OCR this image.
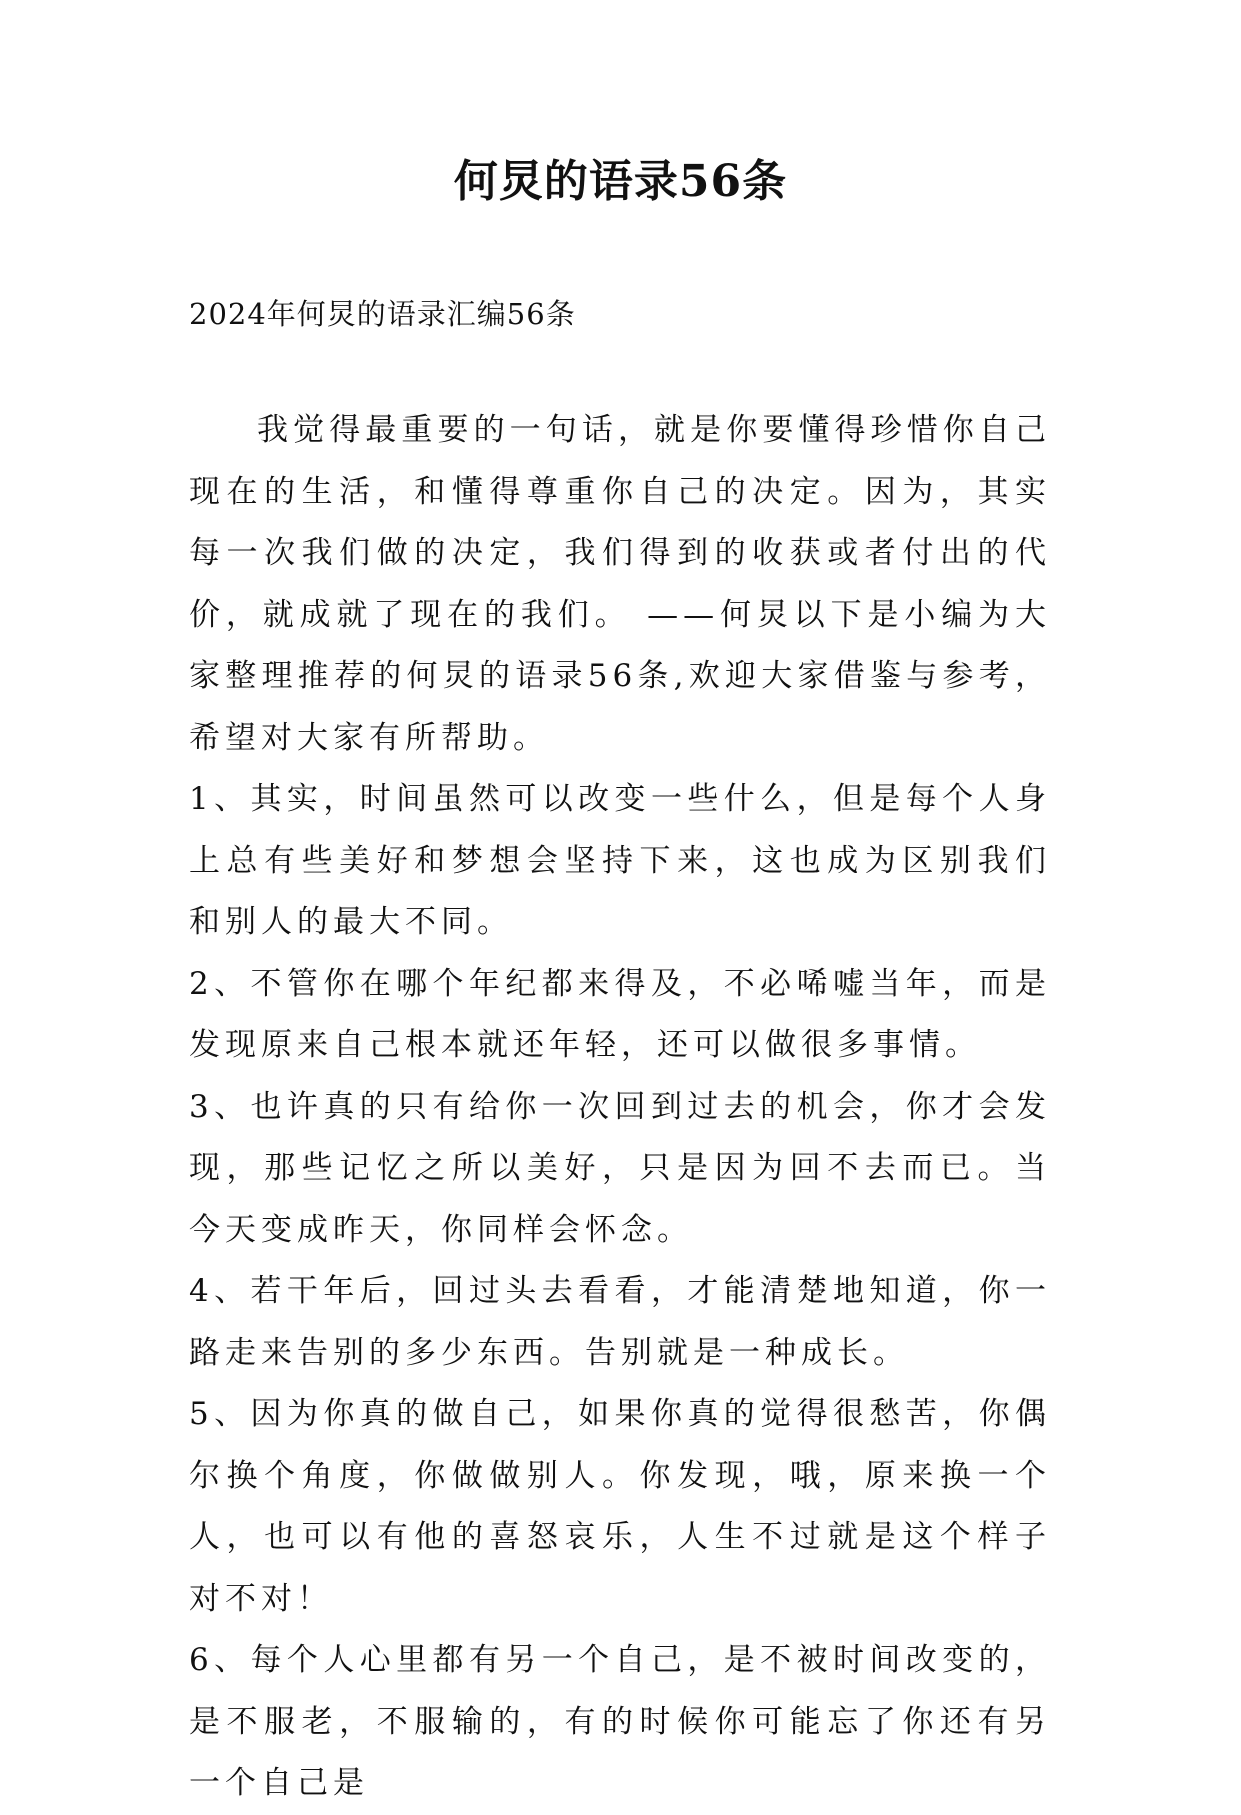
何炅的语录56条

2024年何炅的语录汇编56条

我觉得最重要的一句话，就是你要懂得珍惜你自己现在的生活，和懂得尊重你自己的决定。因为，其实每一次我们做的决定，我们得到的收获或者付出的代价，就成就了现在的我们。 ——何炅以下是小编为大家整理推荐的何炅的语录56条,欢迎大家借鉴与参考，希望对大家有所帮助。

1、其实，时间虽然可以改变一些什么，但是每个人身上总有些美好和梦想会坚持下来，这也成为区别我们和别人的最大不同。

2、不管你在哪个年纪都来得及，不必唏嘘当年，而是发现原来自己根本就还年轻，还可以做很多事情。

3、也许真的只有给你一次回到过去的机会，你才会发现，那些记忆之所以美好，只是因为回不去而已。当今天变成昨天，你同样会怀念。

4、若干年后，回过头去看看，才能清楚地知道，你一路走来告别的多少东西。告别就是一种成长。

5、因为你真的做自己，如果你真的觉得很愁苦，你偶尔换个角度，你做做别人。你发现，哦，原来换一个人，也可以有他的喜怒哀乐，人生不过就是这个样子对不对！

6、每个人心里都有另一个自己，是不被时间改变的，是不服老，不服输的，有的时候你可能忘了你还有另一个自己是
